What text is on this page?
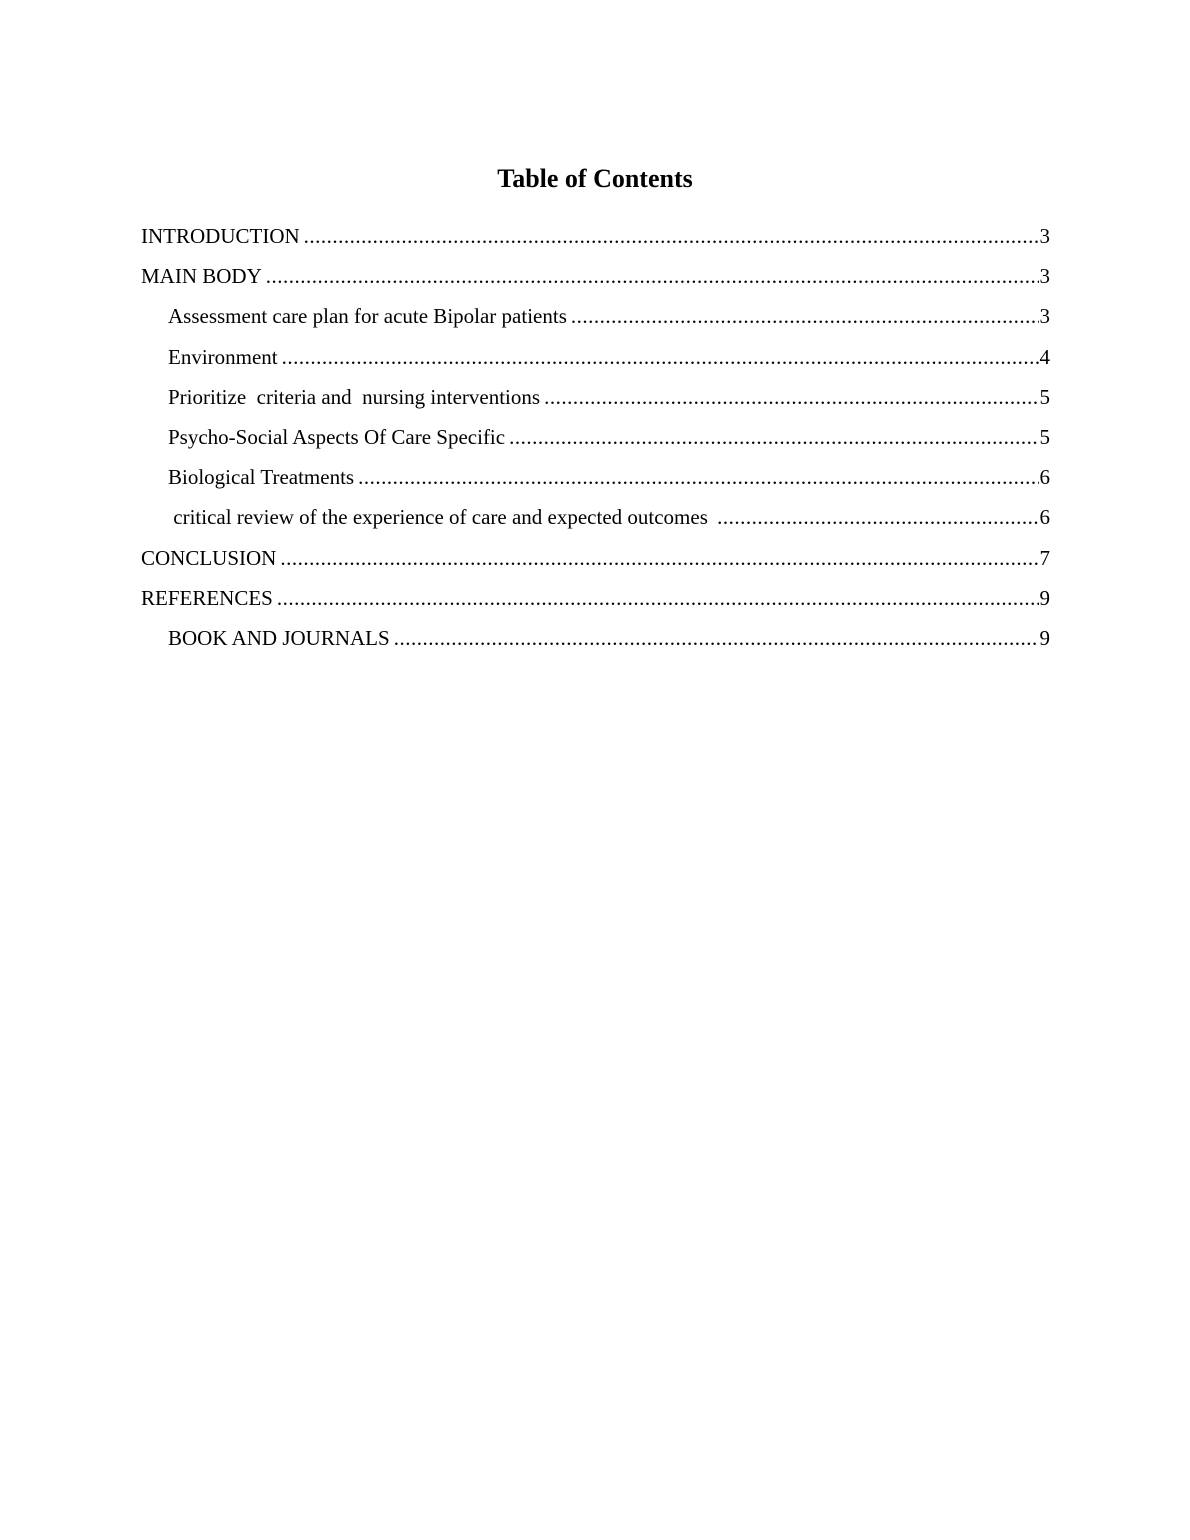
Table of Contents
INTRODUCTION .....	3
MAIN BODY .....	3
Assessment care plan for acute Bipolar patients .....	3
Environment .....	4
Prioritize  criteria and  nursing interventions .....	5
Psycho-Social Aspects Of Care Specific .....	5
Biological Treatments .....	6
critical review of the experience of care and expected outcomes .....	6
CONCLUSION .....	7
REFERENCES .....	9
BOOK AND JOURNALS .....	9
